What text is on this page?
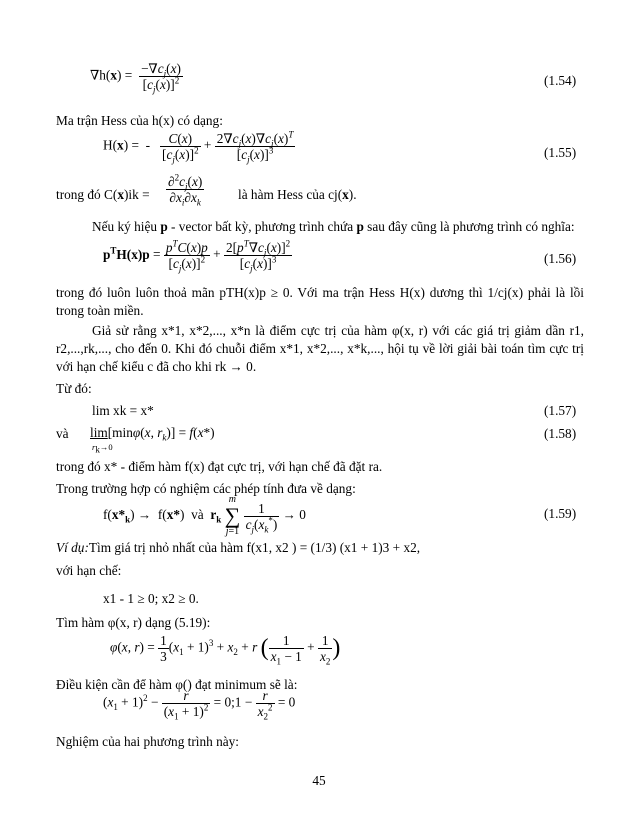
$\nabla h(x) = \frac{-\nabla c_j(x)}{[c_j(x)]^2}$	(1.54)
Ma trận Hess của h(x) có dạng:
H(x) =  - $\frac{C(x)}{[c_j(x)]^2} + \frac{2\nabla c_j(x)\nabla c_j(x)^T}{[c_j(x)]^3}$	(1.55)
trong đó $C(x)ik = \frac{\partial^2c_j(x)}{\partial x_i\partial x_k}$	là hàm Hess của cj(x).
Nếu ký hiệu p - vector bất kỳ, phương trình chứa p sau đây cũng là phương trình có nghĩa:
$p^TH(x)p = \frac{p^TC(x)p}{[c_j(x)]^2} + \frac{2[p^T\nabla c_j(x)]^2}{[c_j(x)]^3}$	(1.56)
trong đó luôn luôn thoả mãn pTH(x)p ≥ 0. Với ma trận Hess H(x) dương thì 1/cj(x) phải là lồi trong toàn miền.
Giả sử rằng x*1, x*2,..., x*n là điểm cực trị của hàm φ(x, r) với các giá trị giảm dần r1, r2,...,rk,..., cho đến 0. Khi đó chuỗi điểm x*1, x*2,..., x*k,..., hội tụ về lời giải bài toán tìm cực trị với hạn chế kiểu c đã cho khi rk → 0.
Từ đó:
lim xk = x*	(1.57)
và lim[minφ(x, $r_k)] = f(x*)$
$r_k\to 0$
(1.58)
trong đó x* - điểm hàm f(x) đạt cực trị, với hạn chế đã đặt ra.
Trong trường hợp có nghiệm các phép tính đưa về dạng:
$f(x*_k) \to f(x*)$  và  $r_k$
m
∑
j=1
$\frac{1}{c_j(x_k^*)} \to 0$	(1.59)
Ví dụ:Tìm giá trị nhỏ nhất của hàm f(x1, x2 ) = (1/3) (x1 + 1)3 + x2,
với hạn chế:
x1 - 1 ≥ 0; x2 ≥ 0.
Tìm hàm φ(x, r) dạng (5.19):
φ(x, $r) = \frac{1}{3} (x_1 + 1)^3 + x_2 + r$ ( $\frac{1}{x_1 - 1} + \frac{1}{x_2}$ )
Điều kiện cần để hàm φ() đạt minimum sẽ là:
$(x_1 + 1)^2 - \frac{r}{(x_1 + 1)^2}$ = 0;1 − $\frac{r}{x_2^2} = 0$
Nghiệm của hai phương trình này:
45
